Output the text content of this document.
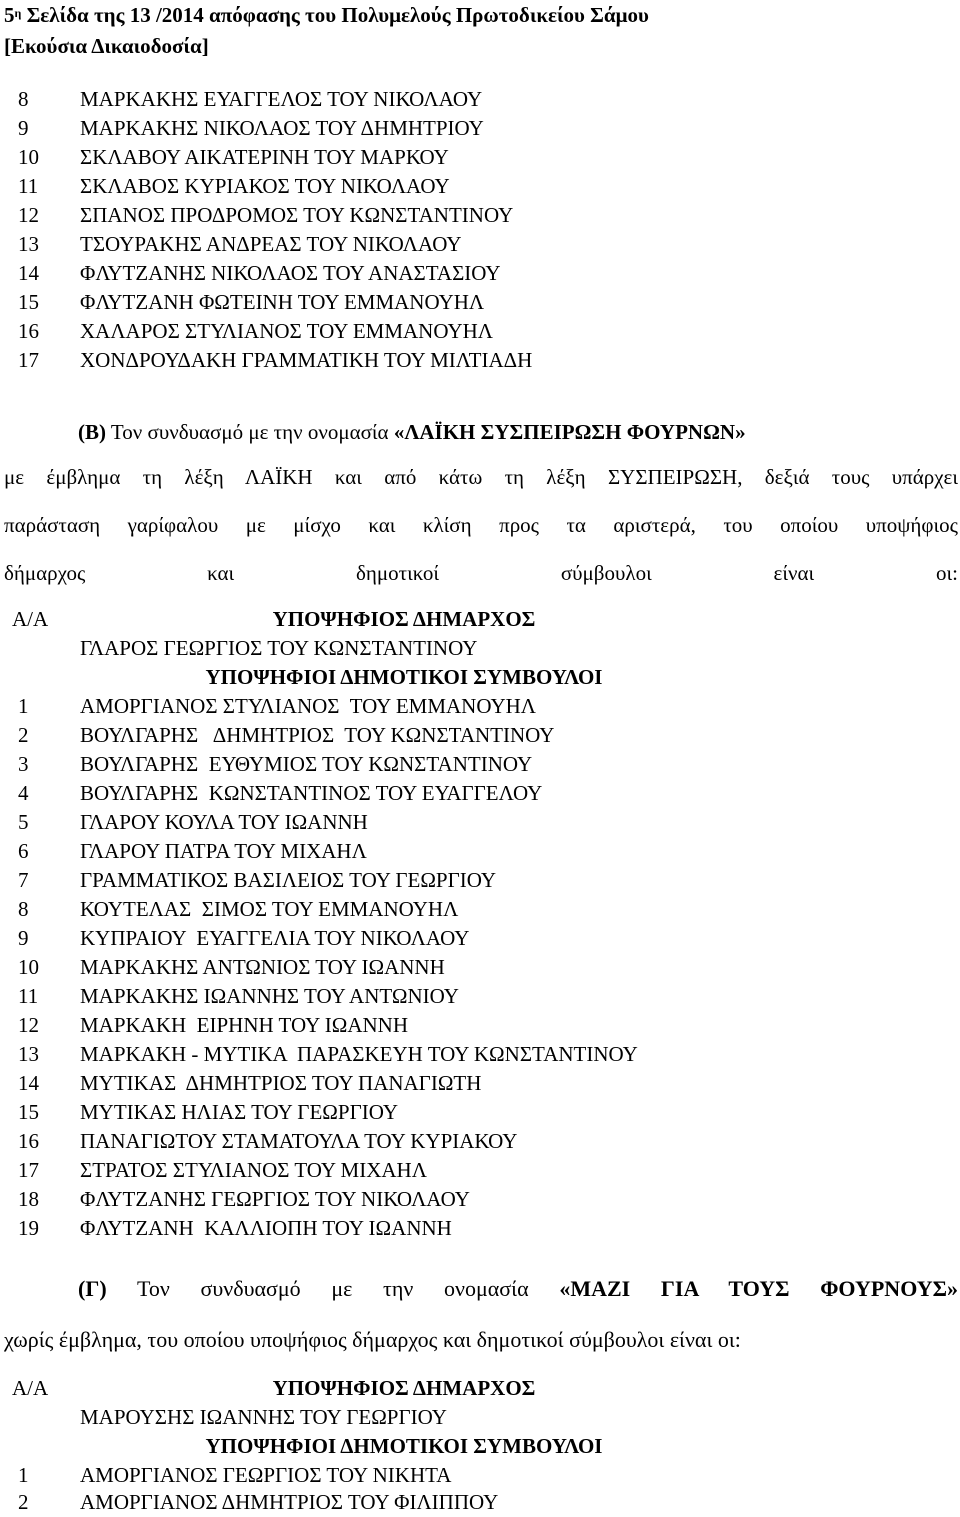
$5^\eta$ Σελίδα της 13 /2014 απόφασης του Πολυμελούς Πρωτοδικείου Σάμου
[Εκούσια Δικαιοδοσία]
8	ΜΑΡΚΑΚΗΣ ΕΥΑΓΓΕΛΟΣ ΤΟΥ ΝΙΚΟΛΑΟΥ
9	ΜΑΡΚΑΚΗΣ ΝΙΚΟΛΑΟΣ ΤΟΥ ΔΗΜΗΤΡΙΟΥ
10	ΣΚΛΑΒΟΥ ΑΙΚΑΤΕΡΙΝΗ ΤΟΥ ΜΑΡΚΟΥ
11	ΣΚΛΑΒΟΣ ΚΥΡΙΑΚΟΣ ΤΟΥ ΝΙΚΟΛΑΟΥ
12	ΣΠΑΝΟΣ ΠΡΟΔΡΟΜΟΣ ΤΟΥ ΚΩΝΣΤΑΝΤΙΝΟΥ
13	ΤΣΟΥΡΑΚΗΣ ΑΝΔΡΕΑΣ ΤΟΥ ΝΙΚΟΛΑΟΥ
14	ΦΛΥΤΖΑΝΗΣ ΝΙΚΟΛΑΟΣ ΤΟΥ ΑΝΑΣΤΑΣΙΟΥ
15	ΦΛΥΤΖΑΝΗ ΦΩΤΕΙΝΗ ΤΟΥ ΕΜΜΑΝΟΥΗΛ
16	ΧΑΛΑΡΟΣ ΣΤΥΛΙΑΝΟΣ ΤΟΥ ΕΜΜΑΝΟΥΗΛ
17	ΧΟΝΔΡΟΥΔΑΚΗ ΓΡΑΜΜΑΤΙΚΗ ΤΟΥ ΜΙΛΤΙΑΔΗ
(Β) Τον συνδυασμό με την ονομασία «ΛΑΪΚΗ ΣΥΣΠΕΙΡΩΣΗ ΦΟΥΡΝΩΝ»
με έμβλημα τη λέξη ΛΑΪΚΗ και από κάτω τη λέξη ΣΥΣΠΕΙΡΩΣΗ, δεξιά τους υπάρχει
παράσταση γαρίφαλου με μίσχο και κλίση προς τα αριστερά, του οποίου υποψήφιος
δήμαρχος και δημοτικοί σύμβουλοι είναι οι:
Α/Α	ΥΠΟΨΗΦΙΟΣ ΔΗΜΑΡΧΟΣ
ΓΛΑΡΟΣ ΓΕΩΡΓΙΟΣ ΤΟΥ ΚΩΝΣΤΑΝΤΙΝΟΥ
ΥΠΟΨΗΦΙΟΙ ΔΗΜΟΤΙΚΟΙ ΣΥΜΒΟΥΛΟΙ
1	ΑΜΟΡΓΙΑΝΟΣ ΣΤΥΛΙΑΝΟΣ  ΤΟΥ ΕΜΜΑΝΟΥΗΛ
2	ΒΟΥΛΓΑΡΗΣ   ΔΗΜΗΤΡΙΟΣ  ΤΟΥ ΚΩΝΣΤΑΝΤΙΝΟΥ
3	ΒΟΥΛΓΑΡΗΣ  ΕΥΘΥΜΙΟΣ ΤΟΥ ΚΩΝΣΤΑΝΤΙΝΟΥ
4	ΒΟΥΛΓΑΡΗΣ  ΚΩΝΣΤΑΝΤΙΝΟΣ ΤΟΥ ΕΥΑΓΓΕΛΟΥ
5	ΓΛΑΡΟΥ ΚΟΥΛΑ ΤΟΥ ΙΩΑΝΝΗ
6	ΓΛΑΡΟΥ ΠΑΤΡΑ ΤΟΥ ΜΙΧΑΗΛ
7	ΓΡΑΜΜΑΤΙΚΟΣ ΒΑΣΙΛΕΙΟΣ ΤΟΥ ΓΕΩΡΓΙΟΥ
8	ΚΟΥΤΕΛΑΣ  ΣΙΜΟΣ ΤΟΥ ΕΜΜΑΝΟΥΗΛ
9	ΚΥΠΡΑΙΟΥ  ΕΥΑΓΓΕΛΙΑ ΤΟΥ ΝΙΚΟΛΑΟΥ
10	ΜΑΡΚΑΚΗΣ ΑΝΤΩΝΙΟΣ ΤΟΥ ΙΩΑΝΝΗ
11	ΜΑΡΚΑΚΗΣ ΙΩΑΝΝΗΣ ΤΟΥ ΑΝΤΩΝΙΟΥ
12	ΜΑΡΚΑΚΗ  ΕΙΡΗΝΗ ΤΟΥ ΙΩΑΝΝΗ
13	ΜΑΡΚΑΚΗ - ΜΥΤΙΚΑ  ΠΑΡΑΣΚΕΥΗ ΤΟΥ ΚΩΝΣΤΑΝΤΙΝΟΥ
14	ΜΥΤΙΚΑΣ  ΔΗΜΗΤΡΙΟΣ ΤΟΥ ΠΑΝΑΓΙΩΤΗ
15	ΜΥΤΙΚΑΣ ΗΛΙΑΣ ΤΟΥ ΓΕΩΡΓΙΟΥ
16	ΠΑΝΑΓΙΩΤΟΥ ΣΤΑΜΑΤΟΥΛΑ ΤΟΥ ΚΥΡΙΑΚΟΥ
17	ΣΤΡΑΤΟΣ ΣΤΥΛΙΑΝΟΣ ΤΟΥ ΜΙΧΑΗΛ
18	ΦΛΥΤΖΑΝΗΣ ΓΕΩΡΓΙΟΣ ΤΟΥ ΝΙΚΟΛΑΟΥ
19	ΦΛΥΤΖΑΝΗ  ΚΑΛΛΙΟΠΗ ΤΟΥ ΙΩΑΝΝΗ
(Γ) Τον συνδυασμό με την ονομασία «ΜΑΖΙ ΓΙΑ ΤΟΥΣ ΦΟΥΡΝΟΥΣ»
χωρίς έμβλημα, του οποίου υποψήφιος δήμαρχος και δημοτικοί σύμβουλοι είναι οι:
Α/Α	ΥΠΟΨΗΦΙΟΣ ΔΗΜΑΡΧΟΣ
ΜΑΡΟΥΣΗΣ ΙΩΑΝΝΗΣ ΤΟΥ ΓΕΩΡΓΙΟΥ
ΥΠΟΨΗΦΙΟΙ ΔΗΜΟΤΙΚΟΙ ΣΥΜΒΟΥΛΟΙ
1	ΑΜΟΡΓΙΑΝΟΣ ΓΕΩΡΓΙΟΣ ΤΟΥ ΝΙΚΗΤΑ
2	ΑΜΟΡΓΙΑΝΟΣ ΔΗΜΗΤΡΙΟΣ ΤΟΥ ΦΙΛΙΠΠΟΥ
